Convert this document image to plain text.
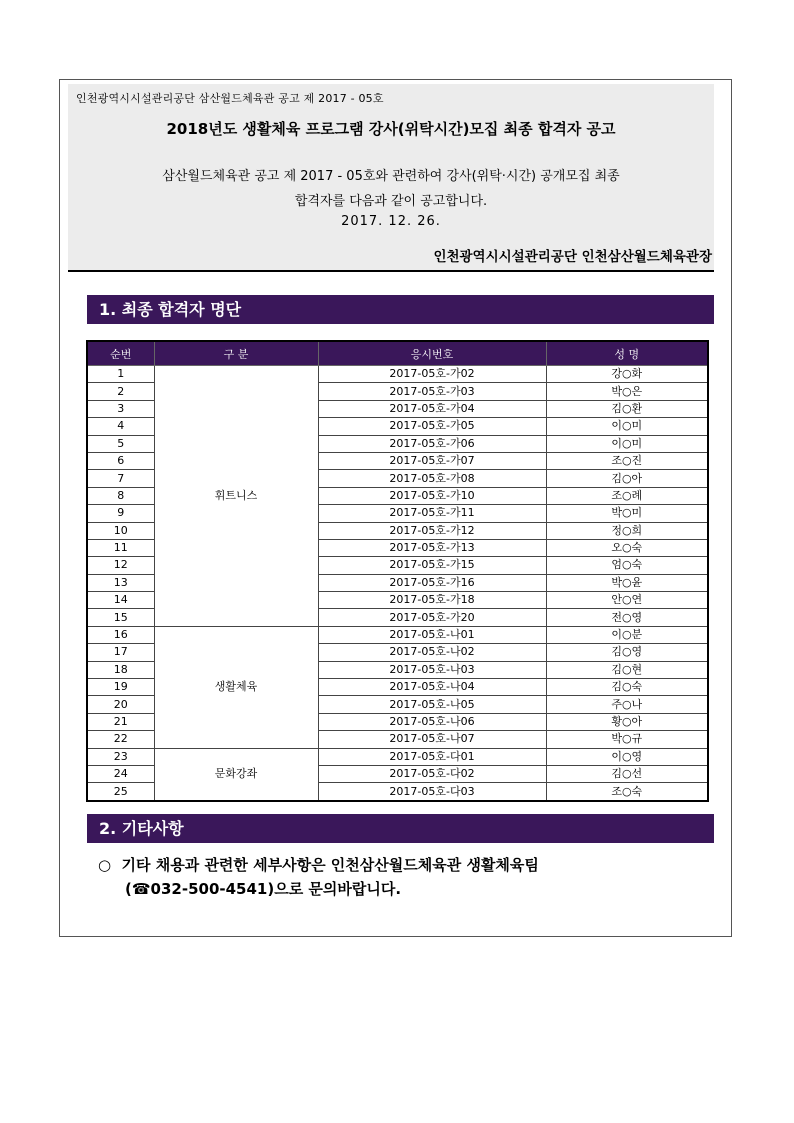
인천광역시시설관리공단 삼산월드체육관 공고 제 2017 - 05호
2018년도 생활체육 프로그램 강사(위탁시간)모집 최종 합격자 공고
삼산월드체육관 공고 제 2017 - 05호와 관련하여 강사(위탁·시간) 공개모집 최종
합격자를 다음과 같이 공고합니다.
2017. 12. 26.
인천광역시시설관리공단 인천삼산월드체육관장
1. 최종 합격자 명단
순번	구 분	응시번호	성 명
1	휘트니스	2017-05호-가02	강○화
2		2017-05호-가03	박○은
3		2017-05호-가04	김○환
4		2017-05호-가05	이○미
5		2017-05호-가06	이○미
6		2017-05호-가07	조○진
7		2017-05호-가08	김○아
8		2017-05호-가10	조○례
9		2017-05호-가11	박○미
10		2017-05호-가12	정○희
11		2017-05호-가13	오○숙
12		2017-05호-가15	엄○숙
13		2017-05호-가16	박○윤
14		2017-05호-가18	안○연
15		2017-05호-가20	전○영
16	생활체육	2017-05호-나01	이○분
17		2017-05호-나02	김○영
18		2017-05호-나03	김○현
19		2017-05호-나04	김○숙
20		2017-05호-나05	주○나
21		2017-05호-나06	황○아
22		2017-05호-나07	박○규
23	문화강좌	2017-05호-다01	이○영
24		2017-05호-다02	김○선
25		2017-05호-다03	조○숙
2. 기타사항
○ 기타 채용과 관련한 세부사항은 인천삼산월드체육관 생활체육팀
(☎032-500-4541)으로 문의바랍니다.
